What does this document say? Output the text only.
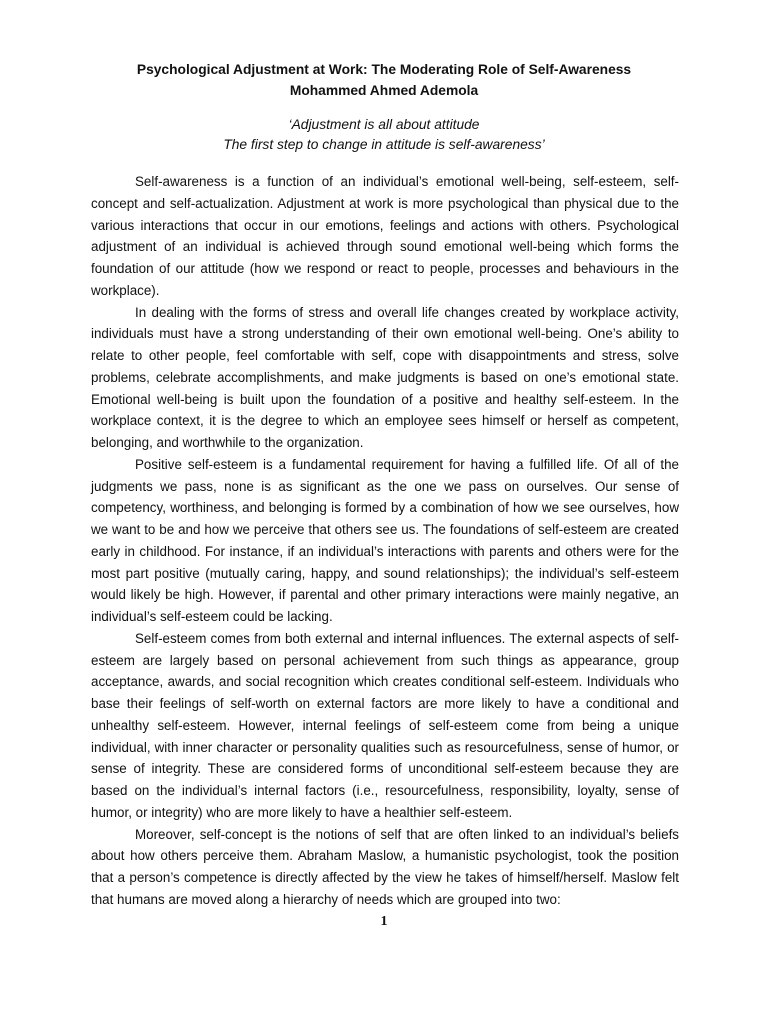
Psychological Adjustment at Work: The Moderating Role of Self-Awareness
Mohammed Ahmed Ademola
‘Adjustment is all about attitude
The first step to change in attitude is self-awareness’

Self-awareness is a function of an individual’s emotional well-being, self-esteem, self-concept and self-actualization. Adjustment at work is more psychological than physical due to the various interactions that occur in our emotions, feelings and actions with others. Psychological adjustment of an individual is achieved through sound emotional well-being which forms the foundation of our attitude (how we respond or react to people, processes and behaviours in the workplace).

In dealing with the forms of stress and overall life changes created by workplace activity, individuals must have a strong understanding of their own emotional well-being. One’s ability to relate to other people, feel comfortable with self, cope with disappointments and stress, solve problems, celebrate accomplishments, and make judgments is based on one’s emotional state. Emotional well-being is built upon the foundation of a positive and healthy self-esteem. In the workplace context, it is the degree to which an employee sees himself or herself as competent, belonging, and worthwhile to the organization.

Positive self-esteem is a fundamental requirement for having a fulfilled life. Of all of the judgments we pass, none is as significant as the one we pass on ourselves. Our sense of competency, worthiness, and belonging is formed by a combination of how we see ourselves, how we want to be and how we perceive that others see us. The foundations of self-esteem are created early in childhood. For instance, if an individual’s interactions with parents and others were for the most part positive (mutually caring, happy, and sound relationships); the individual’s self-esteem would likely be high. However, if parental and other primary interactions were mainly negative, an individual’s self-esteem could be lacking.

Self-esteem comes from both external and internal influences. The external aspects of self-esteem are largely based on personal achievement from such things as appearance, group acceptance, awards, and social recognition which creates conditional self-esteem. Individuals who base their feelings of self-worth on external factors are more likely to have a conditional and unhealthy self-esteem. However, internal feelings of self-esteem come from being a unique individual, with inner character or personality qualities such as resourcefulness, sense of humor, or sense of integrity. These are considered forms of unconditional self-esteem because they are based on the individual’s internal factors (i.e., resourcefulness, responsibility, loyalty, sense of humor, or integrity) who are more likely to have a healthier self-esteem.

Moreover, self-concept is the notions of self that are often linked to an individual’s beliefs about how others perceive them. Abraham Maslow, a humanistic psychologist, took the position that a person’s competence is directly affected by the view he takes of himself/herself. Maslow felt that humans are moved along a hierarchy of needs which are grouped into two:

1
